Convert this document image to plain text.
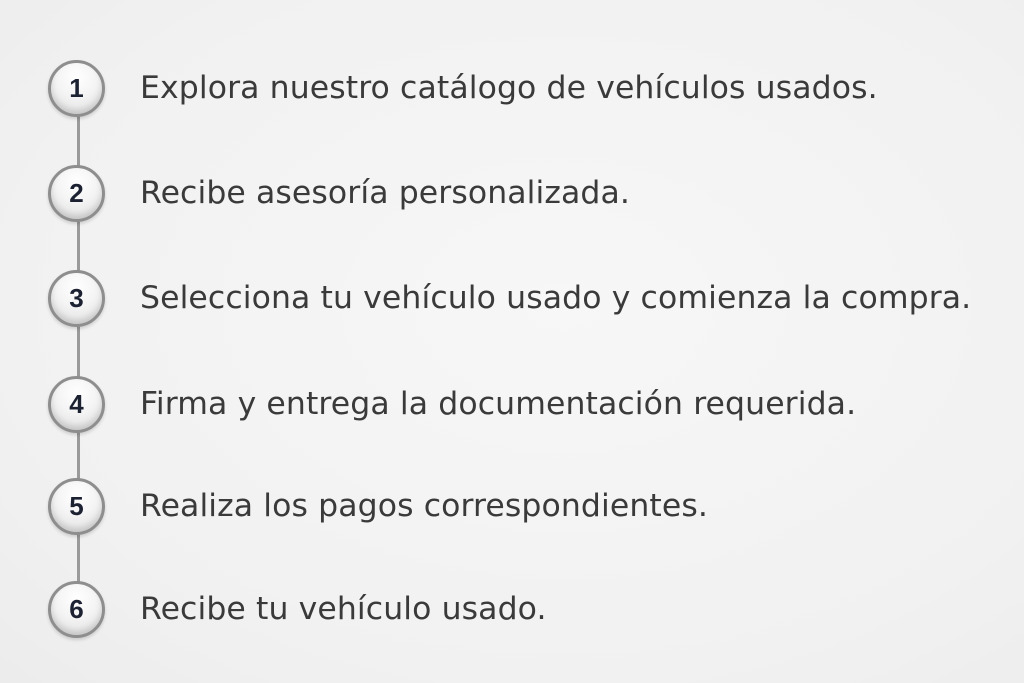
1 Explora nuestro catálogo de vehículos usados.
2 Recibe asesoría personalizada.
3 Selecciona tu vehículo usado y comienza la compra.
4 Firma y entrega la documentación requerida.
5 Realiza los pagos correspondientes.
6 Recibe tu vehículo usado.
